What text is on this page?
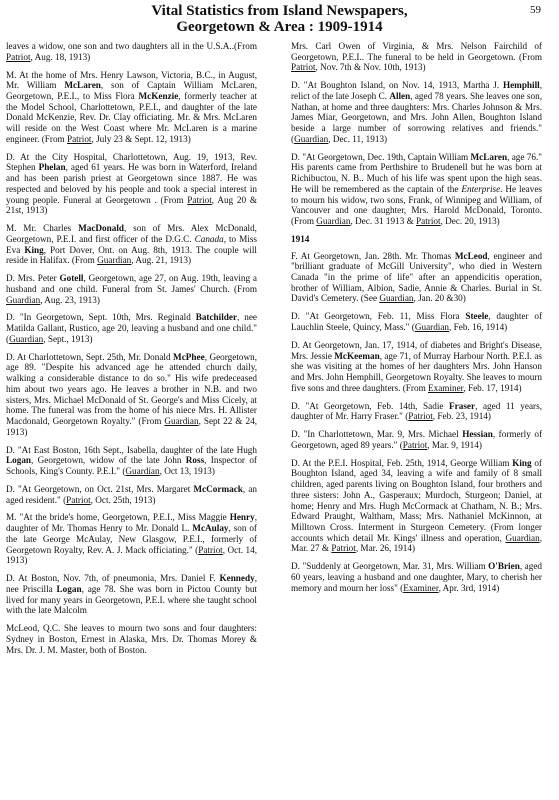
Vital Statistics from Island Newspapers,
Georgetown & Area : 1909-1914
59

leaves a widow, one son and two daughters all in the U.S.A..(From Patriot, Aug. 18, 1913)

M. At the home of Mrs. Henry Lawson, Victoria, B.C., in August, Mr. William McLaren, son of Captain William McLaren, Georgetown, P.E.I., to Miss Flora McKenzie, formerly teacher at the Model School, Charlottetown, P.E.I., and daughter of the late Donald McKenzie, Rev. Dr. Clay officiating. Mr. & Mrs. McLaren will reside on the West Coast where Mr. McLaren is a marine engineer. (From Patriot, July 23 & Sept. 12, 1913)

D. At the City Hospital, Charlottetown, Aug. 19, 1913, Rev. Stephen Phelan, aged 61 years. He was born in Waterford, Ireland and has been parish priest at Georgetown since 1887. He was respected and beloved by his people and took a special interest in young people. Funeral at Georgetown . (From Patriot, Aug 20 & 21st, 1913)

M. Mr. Charles MacDonald, son of Mrs. Alex McDonald, Georgetown, P.E.I. and first officer of the D.G.C. Canada, to Miss Eva King, Port Dover, Ont. on Aug. 8th, 1913. The couple will reside in Halifax. (From Guardian, Aug. 21, 1913)

D. Mrs. Peter Gotell, Georgetown, age 27, on Aug. 19th, leaving a husband and one child. Funeral from St. James' Church. (From Guardian, Aug. 23, 1913)

D. "In Georgetown, Sept. 10th, Mrs. Reginald Batchilder, nee Matilda Gallant, Rustico, age 20, leaving a husband and one child." (Guardian, Sept., 1913)

D. At Charlottetown, Sept. 25th, Mr. Donald McPhee, Georgetown, age 89. "Despite his advanced age he attended church daily, walking a considerable distance to do so." His wife predeceased him about two years ago. He leaves a brother in N.B. and two sisters, Mrs. Michael McDonald of St. George's and Miss Cicely, at home. The funeral was from the home of his niece Mrs. H. Allister Macdonald, Georgetown Royalty." (From Guardian, Sept 22 & 24, 1913)

D. "At East Boston, 16th Sept., Isabella, daughter of the late Hugh Logan, Georgetown, widow of the late John Ross, Inspector of Schools, King's County. P.E.I." (Guardian, Oct 13, 1913)

D. "At Georgetown, on Oct. 21st, Mrs. Margaret McCormack, an aged resident." (Patriot, Oct. 25th, 1913)

M. "At the bride's home, Georgetown, P.E.I., Miss Maggie Henry, daughter of Mr. Thomas Henry to Mr. Donald L. McAulay, son of the late George McAulay, New Glasgow, P.E.I., formerly of Georgetown Royalty, Rev. A. J. Mack officiating." (Patriot, Oct. 14, 1913)

D. At Boston, Nov. 7th, of pneumonia, Mrs. Daniel F. Kennedy, nee Priscilla Logan, age 78. She was born in Pictou County but lived for many years in Georgetown, P.E.I. where she taught school with the late Malcolm

McLeod, Q.C. She leaves to mourn two sons and four daughters: Sydney in Boston, Ernest in Alaska, Mrs. Dr. Thomas Morey & Mrs. Dr. J. M. Master, both of Boston.

Mrs. Carl Owen of Virginia, & Mrs. Nelson Fairchild of Georgetown, P.E.I.. The funeral to be held in Georgetown. (From Patriot, Nov. 7th & Nov. 10th, 1913)

D. "At Boughton Island, on Nov. 14, 1913, Martha J. Hemphill, relict of the late Joseph C. Allen, aged 78 years. She leaves one son, Nathan, at home and three daughters: Mrs. Charles Johnson & Mrs. James Miar, Georgetown, and Mrs. John Allen, Boughton Island beside a large number of sorrowing relatives and friends." (Guardian, Dec. 11, 1913)

D. "At Georgetown, Dec. 19th, Captain William McLaren, age 76." His parents came from Perthshire to Brudenell but he was born at Richibuctou, N. B.. Much of his life was spent upon the high seas. He will be remembered as the captain of the Enterprise. He leaves to mourn his widow, two sons, Frank, of Winnipeg and William, of Vancouver and one daughter, Mrs. Harold McDonald, Toronto. (From Guardian, Dec. 31 1913 & Patriot, Dec. 20, 1913)

1914

F. At Georgetown, Jan. 28th. Mr. Thomas McLeod, engineer and "brilliant graduate of McGill University", who died in Western Canada "in the prime of life" after an appendicitis operation, brother of William, Albion, Sadie, Annie & Charles. Burial in St. David's Cemetery. (See Guardian, Jan. 20 &30)

D. "At Georgetown, Feb. 11, Miss Flora Steele, daughter of Lauchlin Steele, Quincy, Mass." (Guardian, Feb. 16, 1914)

D. At Georgetown, Jan. 17, 1914, of diabetes and Bright's Disease, Mrs. Jessie McKeeman, age 71, of Murray Harbour North. P.E.I. as she was visiting at the homes of her daughters Mrs. John Hanson and Mrs. John Hemphill, Georgetown Royalty. She leaves to mourn five sons and three daughters. (From Examiner, Feb. 17, 1914)

D. "At Georgetown, Feb. 14th, Sadie Fraser, aged 11 years, daughter of Mr. Harry Fraser." (Patriot, Feb. 23, 1914)

D. "In Charlottetown, Mar. 9, Mrs. Michael Hessian, formerly of Georgetown, aged 89 years." (Patriot, Mar. 9, 1914)

D. At the P.E.I. Hospital, Feb. 25th, 1914, George William King of Boughton Island, aged 34, leaving a wife and family of 8 small children, aged parents living on Boughton Island, four brothers and three sisters: John A., Gasperaux; Murdoch, Sturgeon; Daniel, at home; Henry and Mrs. Hugh McCormack at Chatham, N. B.; Mrs. Edward Praught, Waltham, Mass; Mrs. Nathaniel McKinnon, at Milltown Cross. Interment in Sturgeon Cemetery. (From longer accounts which detail Mr. Kings' illness and operation, Guardian, Mar. 27 & Patriot, Mar. 26, 1914)

D. "Suddenly at Georgetown, Mar. 31, Mrs. William O'Brien, aged 60 years, leaving a husband and one daughter, Mary, to cherish her memory and mourn her loss" (Examiner, Apr. 3rd, 1914)
